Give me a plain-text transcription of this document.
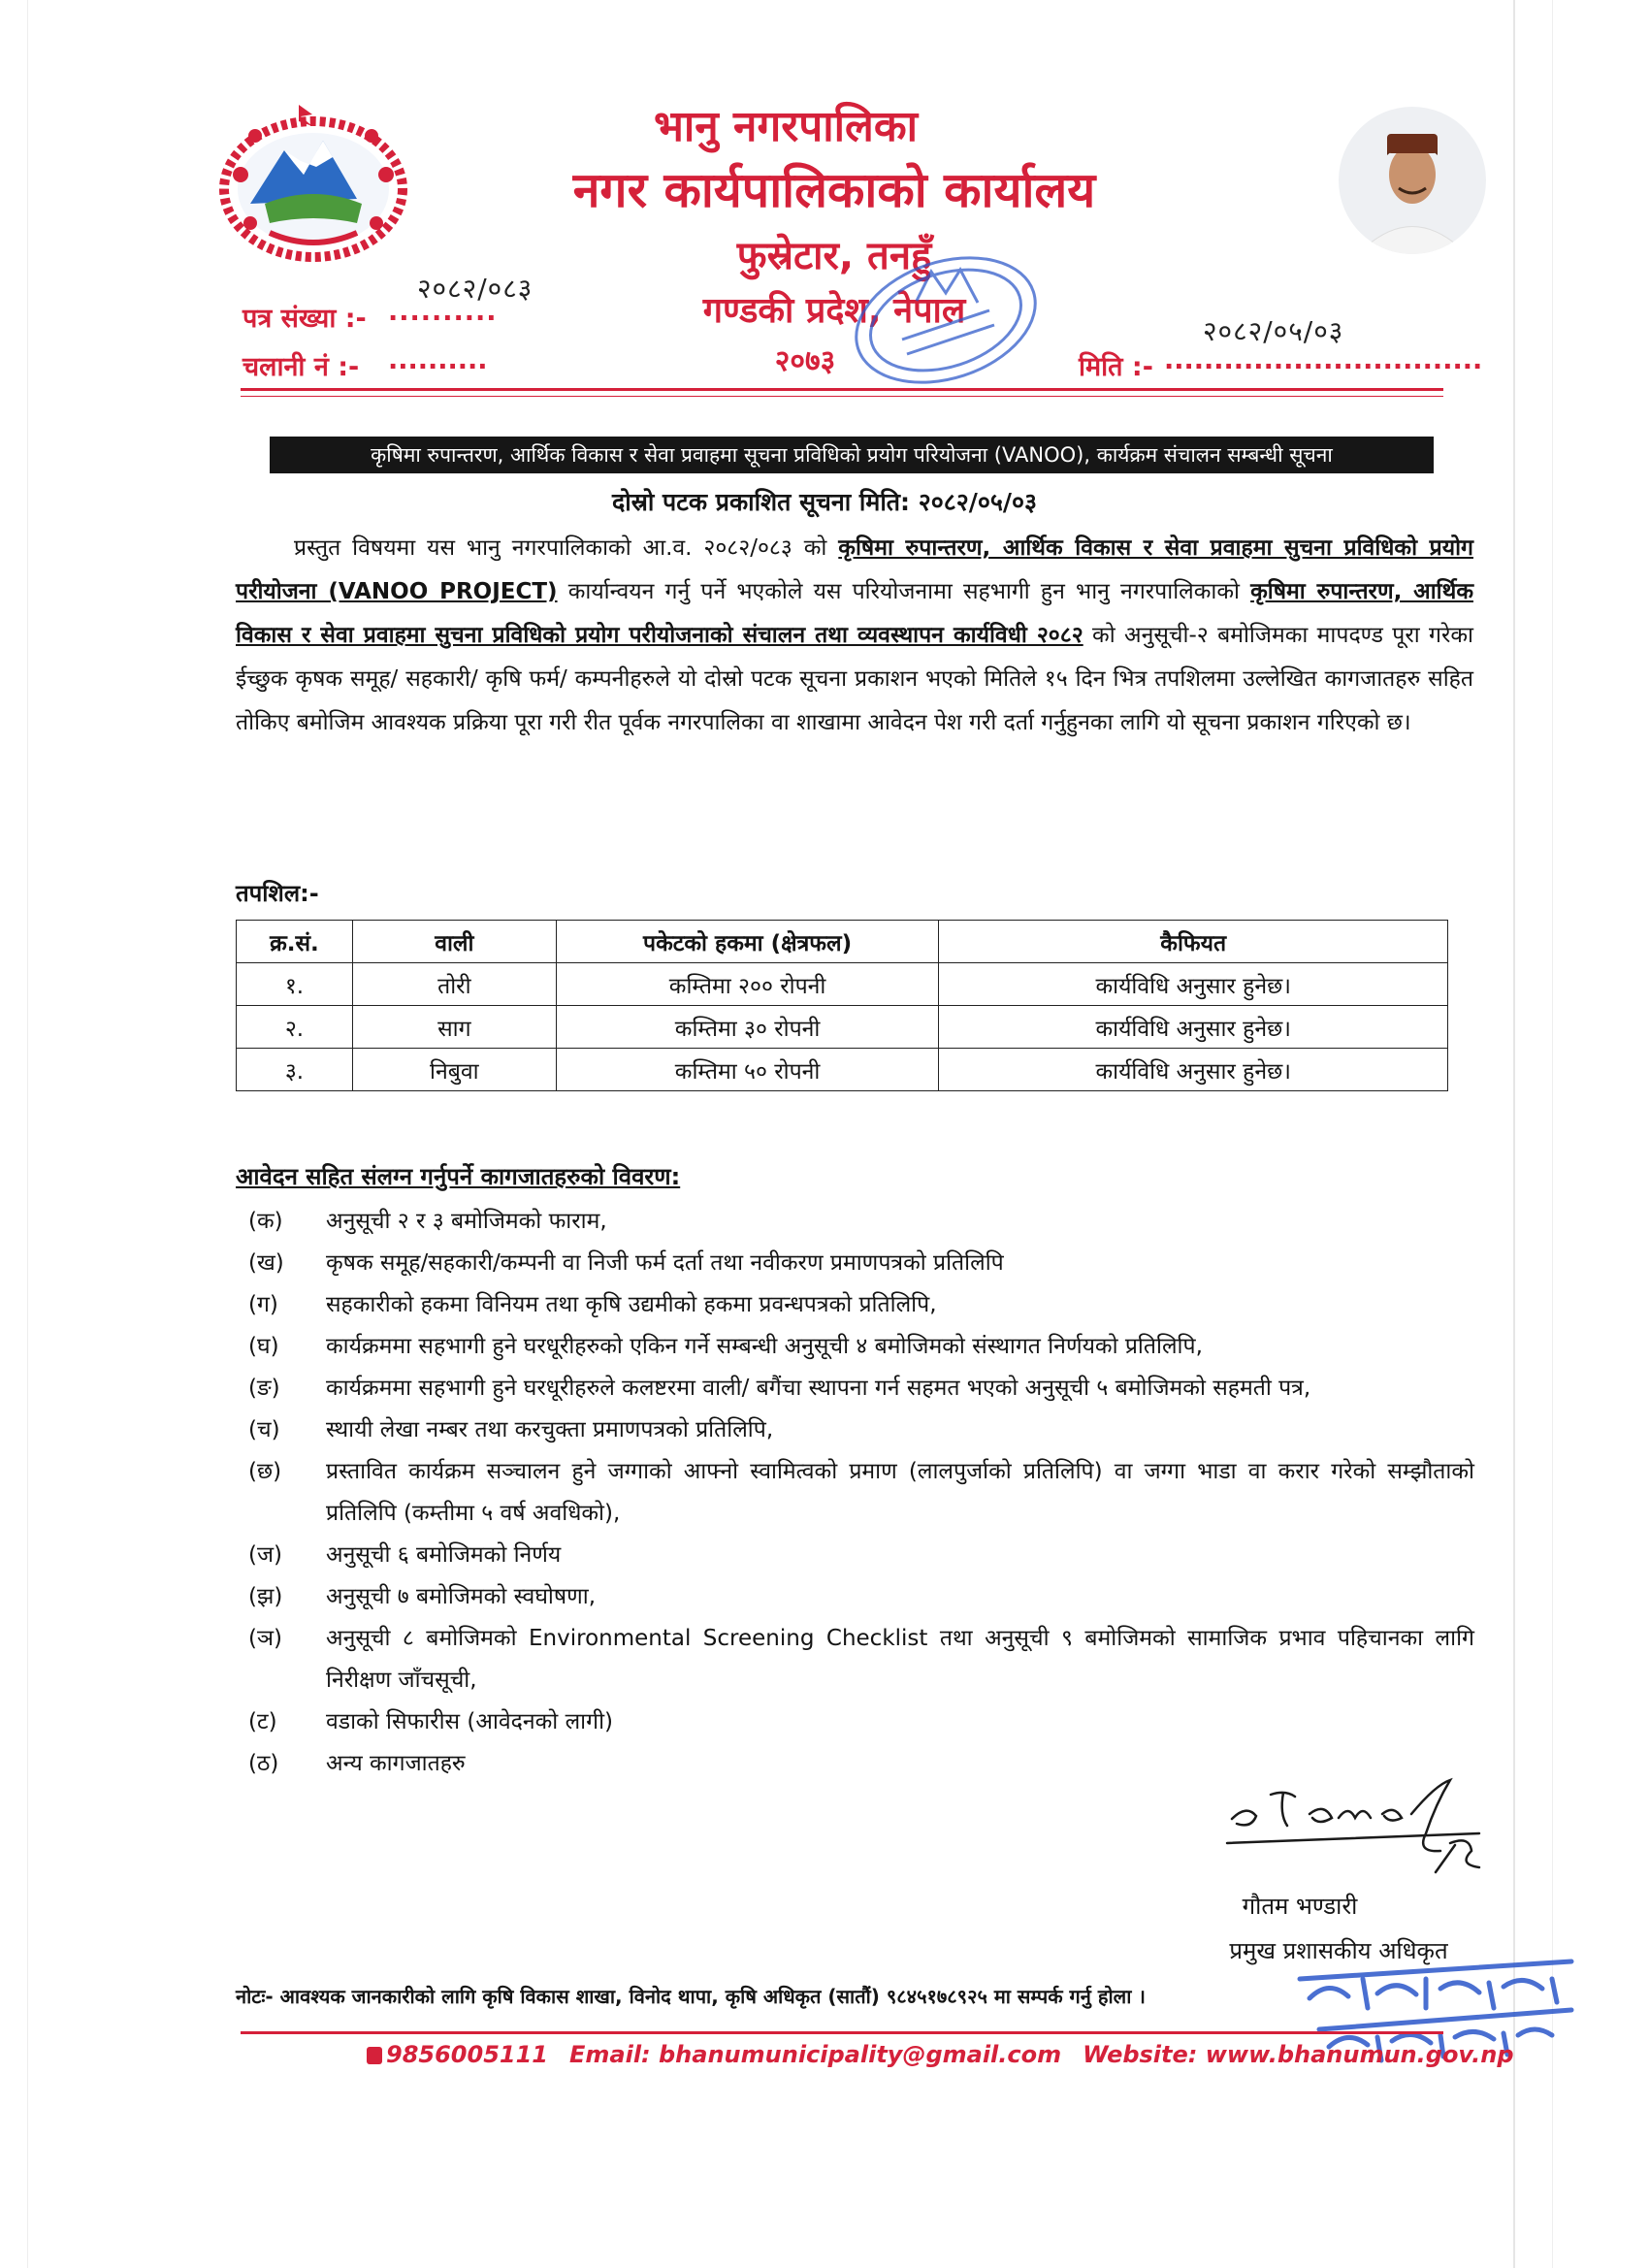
भानु नगरपालिका
नगर कार्यपालिकाको कार्यालय
फुस्रेटार, तनहुँ
गण्डकी प्रदेश, नेपाल
२०७३
२०८२/०८३
पत्र संख्या :- ..........
चलानी नं :- ..........
२०८२/०५/०३
मिति :- ................................
कृषिमा रुपान्तरण, आर्थिक विकास र सेवा प्रवाहमा सूचना प्रविधिको प्रयोग परियोजना (VANOO), कार्यक्रम संचालन सम्बन्धी सूचना
दोस्रो पटक प्रकाशित सूचना मिति: २०८२/०५/०३
प्रस्तुत विषयमा यस भानु नगरपालिकाको आ.व. २०८२/०८३ को कृषिमा रुपान्तरण, आर्थिक विकास र सेवा प्रवाहमा सुचना प्रविधिको प्रयोग परीयोजना (VANOO PROJECT) कार्यान्वयन गर्नु पर्ने भएकोले यस परियोजनामा सहभागी हुन भानु नगरपालिकाको कृषिमा रुपान्तरण, आर्थिक विकास र सेवा प्रवाहमा सुचना प्रविधिको प्रयोग परीयोजनाको संचालन तथा व्यवस्थापन कार्यविधी २०८२ को अनुसूची-२ बमोजिमका मापदण्ड पूरा गरेका ईच्छुक कृषक समूह/ सहकारी/ कृषि फर्म/ कम्पनीहरुले यो दोस्रो पटक सूचना प्रकाशन भएको मितिले १५ दिन भित्र तपशिलमा उल्लेखित कागजातहरु सहित तोकिए बमोजिम आवश्यक प्रक्रिया पूरा गरी रीत पूर्वक नगरपालिका वा शाखामा आवेदन पेश गरी दर्ता गर्नुहुनका लागि यो सूचना प्रकाशन गरिएको छ।
तपशिल:-
क्र.सं.	वाली	पकेटको हकमा (क्षेत्रफल)	कैफियत
१.	तोरी	कम्तिमा २०० रोपनी	कार्यविधि अनुसार हुनेछ।
२.	साग	कम्तिमा ३० रोपनी	कार्यविधि अनुसार हुनेछ।
३.	निबुवा	कम्तिमा ५० रोपनी	कार्यविधि अनुसार हुनेछ।
आवेदन सहित संलग्न गर्नुपर्ने कागजातहरुको विवरण:
(क) अनुसूची २ र ३ बमोजिमको फाराम,
(ख) कृषक समूह/सहकारी/कम्पनी वा निजी फर्म दर्ता तथा नवीकरण प्रमाणपत्रको प्रतिलिपि
(ग) सहकारीको हकमा विनियम तथा कृषि उद्यमीको हकमा प्रवन्धपत्रको प्रतिलिपि,
(घ) कार्यक्रममा सहभागी हुने घरधूरीहरुको एकिन गर्ने सम्बन्धी अनुसूची ४ बमोजिमको संस्थागत निर्णयको प्रतिलिपि,
(ङ) कार्यक्रममा सहभागी हुने घरधूरीहरुले कलष्टरमा वाली/ बगैंचा स्थापना गर्न सहमत भएको अनुसूची ५ बमोजिमको सहमती पत्र,
(च) स्थायी लेखा नम्बर तथा करचुक्ता प्रमाणपत्रको प्रतिलिपि,
(छ) प्रस्तावित कार्यक्रम सञ्चालन हुने जग्गाको आफ्नो स्वामित्वको प्रमाण (लालपुर्जाको प्रतिलिपि) वा जग्गा भाडा वा करार गरेको सम्झौताको प्रतिलिपि (कम्तीमा ५ वर्ष अवधिको),
(ज) अनुसूची ६ बमोजिमको निर्णय
(झ) अनुसूची ७ बमोजिमको स्वघोषणा,
(ञ) अनुसूची ८ बमोजिमको Environmental Screening Checklist तथा अनुसूची ९ बमोजिमको सामाजिक प्रभाव पहिचानका लागि निरीक्षण जाँचसूची,
(ट) वडाको सिफारीस (आवेदनको लागी)
(ठ) अन्य कागजातहरु
गौतम भण्डारी
प्रमुख प्रशासकीय अधिकृत
नोटः- आवश्यक जानकारीको लागि कृषि विकास शाखा, विनोद थापा, कृषि अधिकृत (सातौं) ९८४५१७८९२५ मा सम्पर्क गर्नु होला ।
9856005111 Email: bhanumunicipality@gmail.com Website: www.bhanumun.gov.np
